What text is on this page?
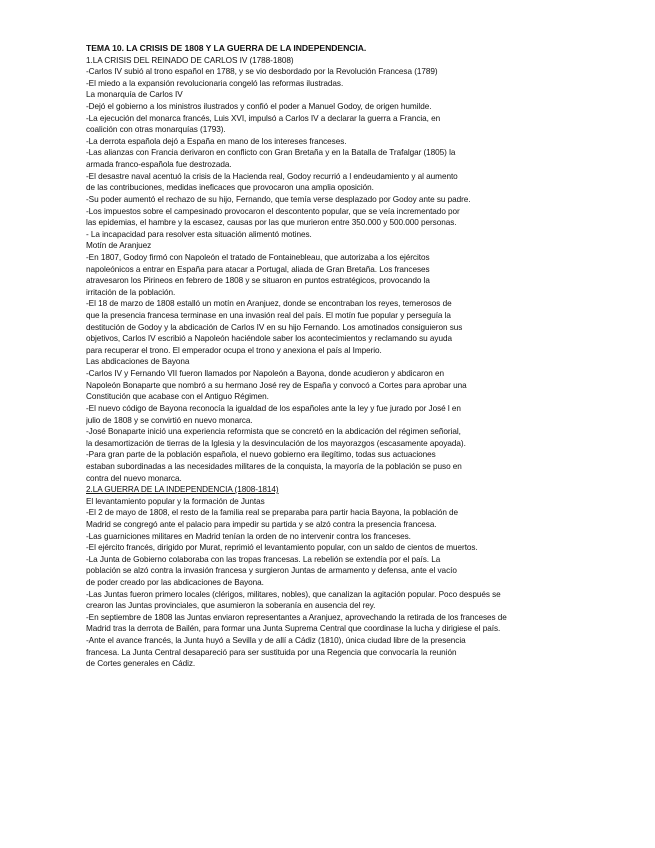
TEMA 10. LA CRISIS DE 1808 Y LA GUERRA DE LA INDEPENDENCIA.
1.LA CRISIS DEL REINADO DE CARLOS IV (1788-1808)
-Carlos IV subió al trono español en 1788, y se vio desbordado por la Revolución Francesa (1789)
-El miedo a la expansión revolucionaria congeló las reformas ilustradas.
La monarquía de Carlos IV
-Dejó el gobierno a los ministros ilustrados y confió el poder a Manuel Godoy, de origen humilde.
-La ejecución del monarca francés, Luis XVI, impulsó a Carlos IV a declarar la guerra a Francia, en
coalición con otras monarquías (1793).
-La derrota española dejó a España en mano de los intereses franceses.
-Las alianzas con Francia derivaron en conflicto con Gran Bretaña y en la Batalla de Trafalgar (1805) la
armada franco-española fue destrozada.
-El desastre naval acentuó la crisis de la Hacienda real, Godoy recurrió a l endeudamiento y al aumento
de las contribuciones, medidas ineficaces que provocaron una amplia oposición.
-Su poder aumentó el rechazo de su hijo, Fernando, que temía verse desplazado por Godoy ante su padre.
-Los impuestos sobre el campesinado provocaron el descontento popular, que se veía incrementado por
las epidemias, el hambre y la escasez, causas por las que murieron entre 350.000 y 500.000 personas.
- La incapacidad para resolver esta situación alimentó motines.
Motín de Aranjuez
-En 1807, Godoy firmó con Napoleón el tratado de Fontainebleau, que autorizaba a los ejércitos
napoleónicos a entrar en España para atacar a Portugal, aliada de Gran Bretaña. Los franceses
atravesaron los Pirineos en febrero de 1808 y se situaron en puntos estratégicos, provocando la
irritación de la población.
-El 18 de marzo de 1808 estalló un motín en Aranjuez, donde se encontraban los reyes, temerosos de
que la presencia francesa terminase en una invasión real del país. El motín fue popular y perseguía la
destitución de Godoy y la abdicación de Carlos IV en su hijo Fernando. Los amotinados consiguieron sus
objetivos, Carlos IV escribió a Napoleón haciéndole saber los acontecimientos y reclamando su ayuda
para recuperar el trono. El emperador ocupa el trono y anexiona el país al Imperio.
Las abdicaciones de Bayona
-Carlos IV y Fernando VII fueron llamados por Napoleón a Bayona, donde acudieron y abdicaron en
Napoleón Bonaparte que nombró a su hermano José rey de España y convocó a Cortes para aprobar una
Constitución que acabase con el Antiguo Régimen.
-El nuevo código de Bayona reconocía la igualdad de los españoles ante la ley y fue jurado por José l en
julio de 1808 y se convirtió en nuevo monarca.
-José Bonaparte inició una experiencia reformista que se concretó en la abdicación del régimen señorial,
la desamortización de tierras de la Iglesia y la desvinculación de los mayorazgos (escasamente apoyada).
-Para gran parte de la población española, el nuevo gobierno era ilegítimo, todas sus actuaciones
estaban subordinadas a las necesidades militares de la conquista, la mayoría de la población se puso en
contra del nuevo monarca.
2.LA GUERRA DE LA INDEPENDENCIA (1808-1814)
El levantamiento popular y la formación de Juntas
-El 2 de mayo de 1808, el resto de la familia real se preparaba para partir hacia Bayona, la población de
Madrid se congregó ante el palacio para impedir su partida y se alzó contra la presencia francesa.
-Las guarniciones militares en Madrid tenían la orden de no intervenir contra los franceses.
-El ejército francés, dirigido por Murat, reprimió el levantamiento popular, con un saldo de cientos de muertos.
-La Junta de Gobierno colaboraba con las tropas francesas. La rebelión se extendía por el país. La
población se alzó contra la invasión francesa y surgieron Juntas de armamento y defensa, ante el vacío
de poder creado por las abdicaciones de Bayona.
-Las Juntas fueron primero locales (clérigos, militares, nobles), que canalizan la agitación popular. Poco después se
crearon las Juntas provinciales, que asumieron la soberanía en ausencia del rey.
-En septiembre de 1808 las Juntas enviaron representantes a Aranjuez, aprovechando la retirada de los franceses de
Madrid tras la derrota de Bailén, para formar una Junta Suprema Central que coordinase la lucha y dirigiese el país.
-Ante el avance francés, la Junta huyó a Sevilla y de allí a Cádiz (1810), única ciudad libre de la presencia
francesa. La Junta Central desapareció para ser sustituida por una Regencia que convocaría la reunión
de Cortes generales en Cádiz.
